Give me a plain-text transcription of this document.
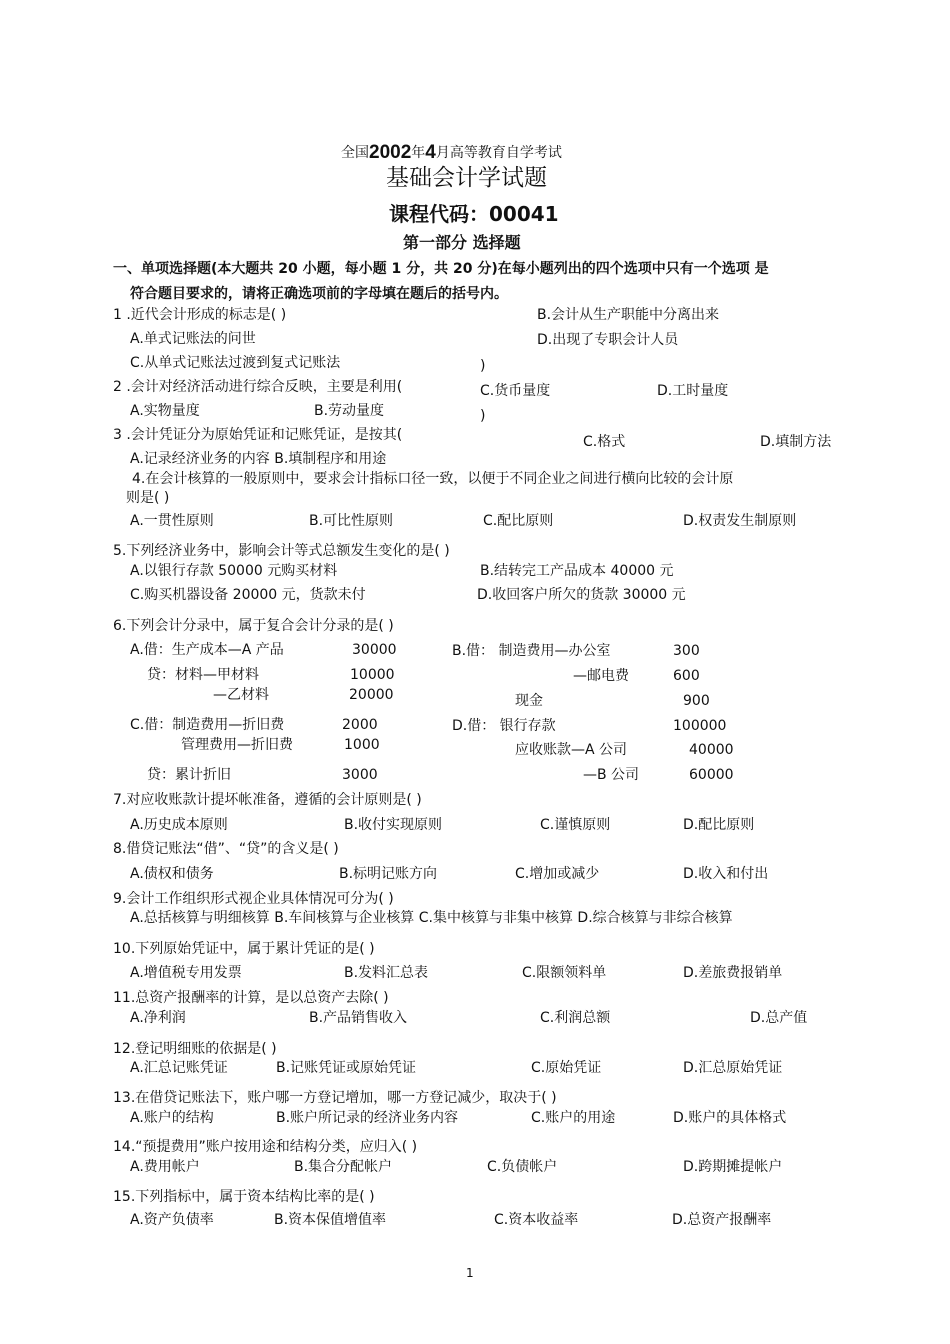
全国2002年4月高等教育自学考试
基础会计学试题
课程代码：00041
第一部分 选择题
一、单项选择题(本大题共 20 小题，每小题 1 分，共 20 分)在每小题列出的四个选项中只有一个选项 是
符合题目要求的，请将正确选项前的字母填在题后的括号内。
1 .近代会计形成的标志是( )	B.会计从生产职能中分离出来
A.单式记账法的问世	D.出现了专职会计人员
C.从单式记账法过渡到复式记账法	)
2 .会计对经济活动进行综合反映，主要是利用(	C.货币量度	D.工时量度
A.实物量度	B.劳动量度	)
3 .会计凭证分为原始凭证和记账凭证，是按其(	C.格式	D.填制方法
A.记录经济业务的内容 B.填制程序和用途
4.在会计核算的一般原则中，要求会计指标口径一致，以便于不同企业之间进行横向比较的会计原
则是( )
A.一贯性原则	B.可比性原则	C.配比原则	D.权责发生制原则
5.下列经济业务中，影响会计等式总额发生变化的是( )
A.以银行存款 50000 元购买材料	B.结转完工产品成本 40000 元
C.购买机器设备 20000 元，货款未付	D.收回客户所欠的货款 30000 元
6.下列会计分录中，属于复合会计分录的是( )
A.借：生产成本—A 产品	30000	B.借： 制造费用—办公室	300
贷：材料—甲材料	10000	—邮电费	600
—乙材料	20000	现金	900
C.借：制造费用—折旧费	2000	D.借： 银行存款	100000
管理费用—折旧费	1000	应收账款—A 公司	40000
贷：累计折旧	3000	—B 公司	60000
7.对应收账款计提坏帐准备，遵循的会计原则是( )
A.历史成本原则	B.收付实现原则	C.谨慎原则	D.配比原则
8.借贷记账法“借”、“贷”的含义是( )
A.债权和债务	B.标明记账方向	C.增加或减少	D.收入和付出
9.会计工作组织形式视企业具体情况可分为( )
A.总括核算与明细核算 B.车间核算与企业核算 C.集中核算与非集中核算 D.综合核算与非综合核算
10.下列原始凭证中，属于累计凭证的是( )
A.增值税专用发票	B.发料汇总表	C.限额领料单	D.差旅费报销单
11.总资产报酬率的计算，是以总资产去除( )
A.净利润	B.产品销售收入	C.利润总额	D.总产值
12.登记明细账的依据是( )
A.汇总记账凭证	B.记账凭证或原始凭证	C.原始凭证	D.汇总原始凭证
13.在借贷记账法下，账户哪一方登记增加，哪一方登记减少，取决于( )
A.账户的结构	B.账户所记录的经济业务内容	C.账户的用途	D.账户的具体格式
14.“预提费用”账户按用途和结构分类，应归入( )
A.费用帐户	B.集合分配帐户	C.负债帐户	D.跨期摊提帐户
15.下列指标中，属于资本结构比率的是( )
A.资产负债率	B.资本保值增值率	C.资本收益率	D.总资产报酬率
1
